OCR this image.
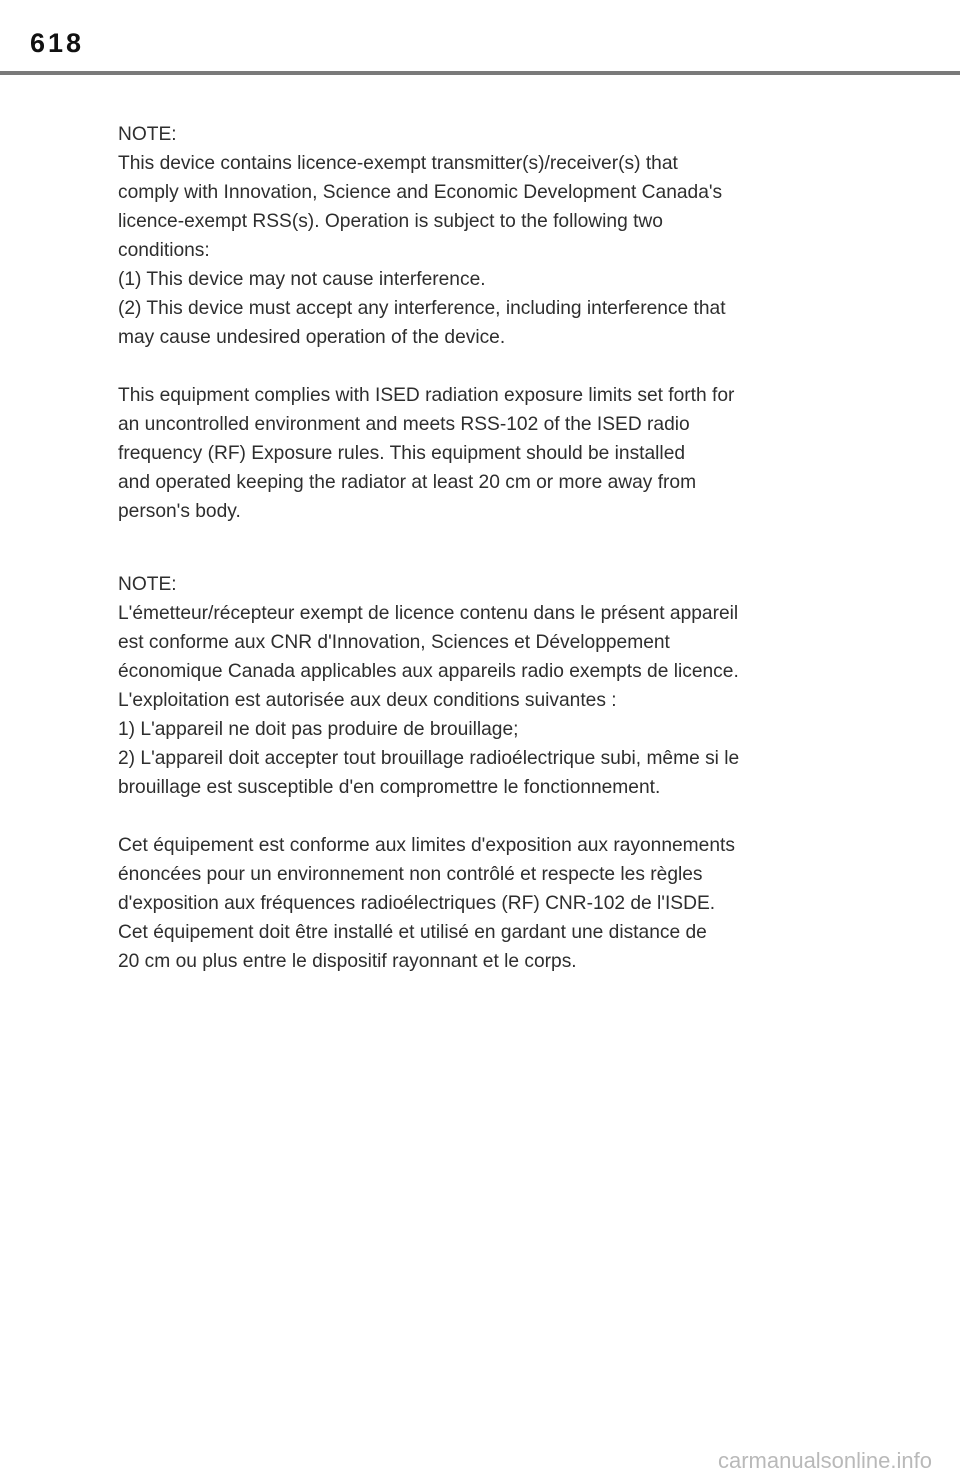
618

NOTE:

This device contains licence-exempt transmitter(s)/receiver(s) that

comply with Innovation, Science and Economic Development Canada's

licence-exempt RSS(s). Operation is subject to the following two

conditions:

(1) This device may not cause interference.

(2) This device must accept any interference, including interference that

may cause undesired operation of the device.

This equipment complies with ISED radiation exposure limits set forth for

an uncontrolled environment and meets RSS-102 of the ISED radio

frequency (RF) Exposure rules. This equipment should be installed

and operated keeping the radiator at least 20 cm or more away from

person's body.

NOTE:

L'émetteur/récepteur exempt de licence contenu dans le présent appareil

est conforme aux CNR d'Innovation, Sciences et Développement

économique Canada applicables aux appareils radio exempts de licence.

L'exploitation est autorisée aux deux conditions suivantes :

1) L'appareil ne doit pas produire de brouillage;

2) L'appareil doit accepter tout brouillage radioélectrique subi, même si le

brouillage est susceptible d'en compromettre le fonctionnement.

Cet équipement est conforme aux limites d'exposition aux rayonnements

énoncées pour un environnement non contrôlé et respecte les règles

d'exposition aux fréquences radioélectriques (RF) CNR-102 de l'ISDE.

Cet équipement doit être installé et utilisé en gardant une distance de

20 cm ou plus entre le dispositif rayonnant et le corps.

carmanualsonline.info
